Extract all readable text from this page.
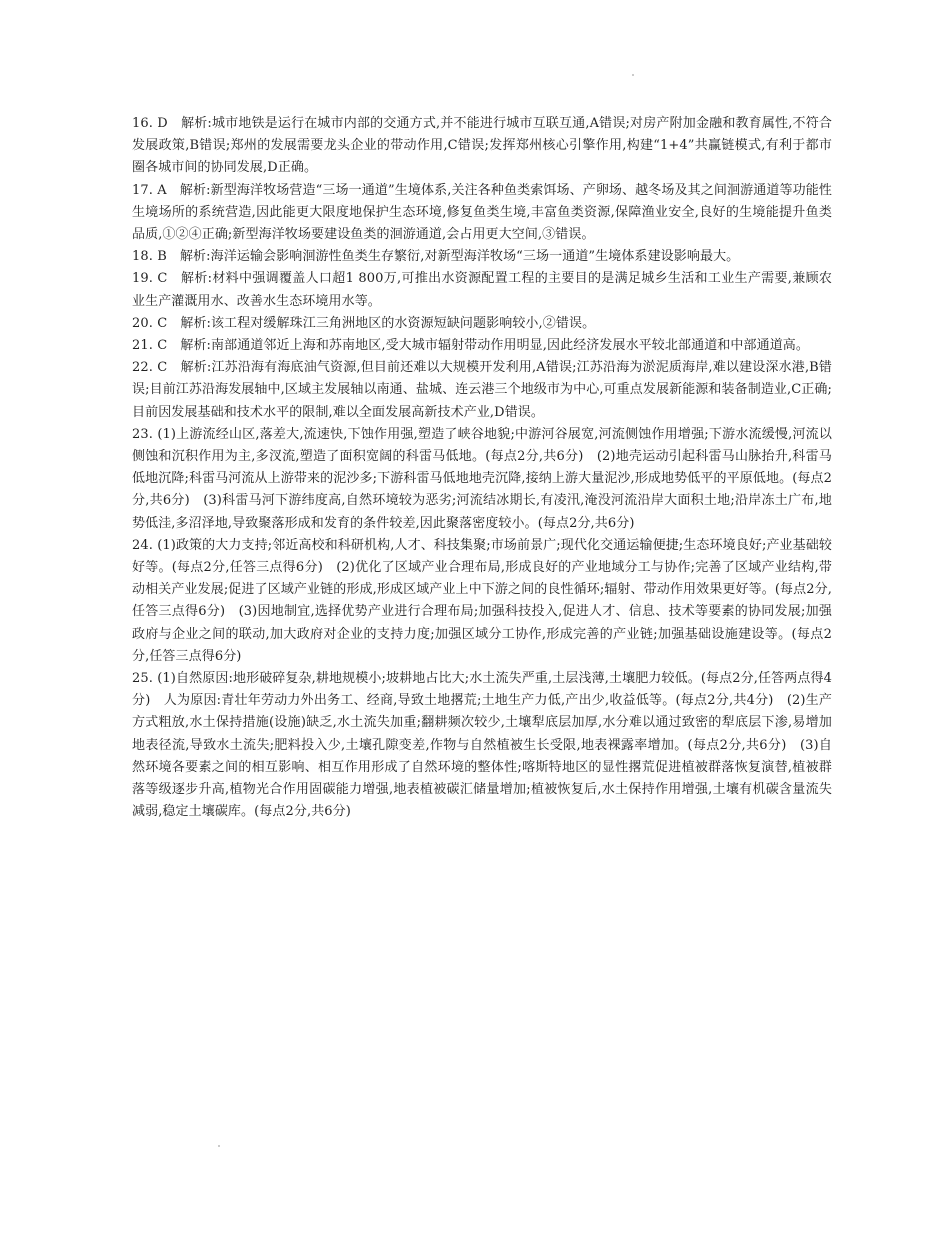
16. D　解析:城市地铁是运行在城市内部的交通方式,并不能进行城市互联互通,A错误;对房产附加金融和教育属性,不符合发展政策,B错误;郑州的发展需要龙头企业的带动作用,C错误;发挥郑州核心引擎作用,构建“1+4”共赢链模式,有利于都市圈各城市间的协同发展,D正确。

17. A　解析:新型海洋牧场营造“三场一通道”生境体系,关注各种鱼类索饵场、产卵场、越冬场及其之间洄游通道等功能性生境场所的系统营造,因此能更大限度地保护生态环境,修复鱼类生境,丰富鱼类资源,保障渔业安全,良好的生境能提升鱼类品质,①②④正确;新型海洋牧场要建设鱼类的洄游通道,会占用更大空间,③错误。

18. B　解析:海洋运输会影响洄游性鱼类生存繁衍,对新型海洋牧场“三场一通道”生境体系建设影响最大。

19. C　解析:材料中强调覆盖人口超1 800万,可推出水资源配置工程的主要目的是满足城乡生活和工业生产需要,兼顾农业生产灌溉用水、改善水生态环境用水等。

20. C　解析:该工程对缓解珠江三角洲地区的水资源短缺问题影响较小,②错误。

21. C　解析:南部通道邻近上海和苏南地区,受大城市辐射带动作用明显,因此经济发展水平较北部通道和中部通道高。

22. C　解析:江苏沿海有海底油气资源,但目前还难以大规模开发利用,A错误;江苏沿海为淤泥质海岸,难以建设深水港,B错误;目前江苏沿海发展轴中,区域主发展轴以南通、盐城、连云港三个地级市为中心,可重点发展新能源和装备制造业,C正确;目前因发展基础和技术水平的限制,难以全面发展高新技术产业,D错误。

23. (1)上游流经山区,落差大,流速快,下蚀作用强,塑造了峡谷地貌;中游河谷展宽,河流侧蚀作用增强;下游水流缓慢,河流以侧蚀和沉积作用为主,多汊流,塑造了面积宽阔的科雷马低地。(每点2分,共6分)　(2)地壳运动引起科雷马山脉抬升,科雷马低地沉降;科雷马河流从上游带来的泥沙多;下游科雷马低地地壳沉降,接纳上游大量泥沙,形成地势低平的平原低地。(每点2分,共6分)　(3)科雷马河下游纬度高,自然环境较为恶劣;河流结冰期长,有凌汛,淹没河流沿岸大面积土地;沿岸冻土广布,地势低洼,多沼泽地,导致聚落形成和发育的条件较差,因此聚落密度较小。(每点2分,共6分)

24. (1)政策的大力支持;邻近高校和科研机构,人才、科技集聚;市场前景广;现代化交通运输便捷;生态环境良好;产业基础较好等。(每点2分,任答三点得6分)　(2)优化了区域产业合理布局,形成良好的产业地域分工与协作;完善了区域产业结构,带动相关产业发展;促进了区域产业链的形成,形成区域产业上中下游之间的良性循环;辐射、带动作用效果更好等。(每点2分,任答三点得6分)　(3)因地制宜,选择优势产业进行合理布局;加强科技投入,促进人才、信息、技术等要素的协同发展;加强政府与企业之间的联动,加大政府对企业的支持力度;加强区域分工协作,形成完善的产业链;加强基础设施建设等。(每点2分,任答三点得6分)

25. (1)自然原因:地形破碎复杂,耕地规模小;坡耕地占比大;水土流失严重,土层浅薄,土壤肥力较低。(每点2分,任答两点得4分)　人为原因:青壮年劳动力外出务工、经商,导致土地撂荒;土地生产力低,产出少,收益低等。(每点2分,共4分)　(2)生产方式粗放,水土保持措施(设施)缺乏,水土流失加重;翻耕频次较少,土壤犁底层加厚,水分难以通过致密的犁底层下渗,易增加地表径流,导致水土流失;肥料投入少,土壤孔隙变差,作物与自然植被生长受限,地表裸露率增加。(每点2分,共6分)　(3)自然环境各要素之间的相互影响、相互作用形成了自然环境的整体性;喀斯特地区的显性撂荒促进植被群落恢复演替,植被群落等级逐步升高,植物光合作用固碳能力增强,地表植被碳汇储量增加;植被恢复后,水土保持作用增强,土壤有机碳含量流失减弱,稳定土壤碳库。(每点2分,共6分)
